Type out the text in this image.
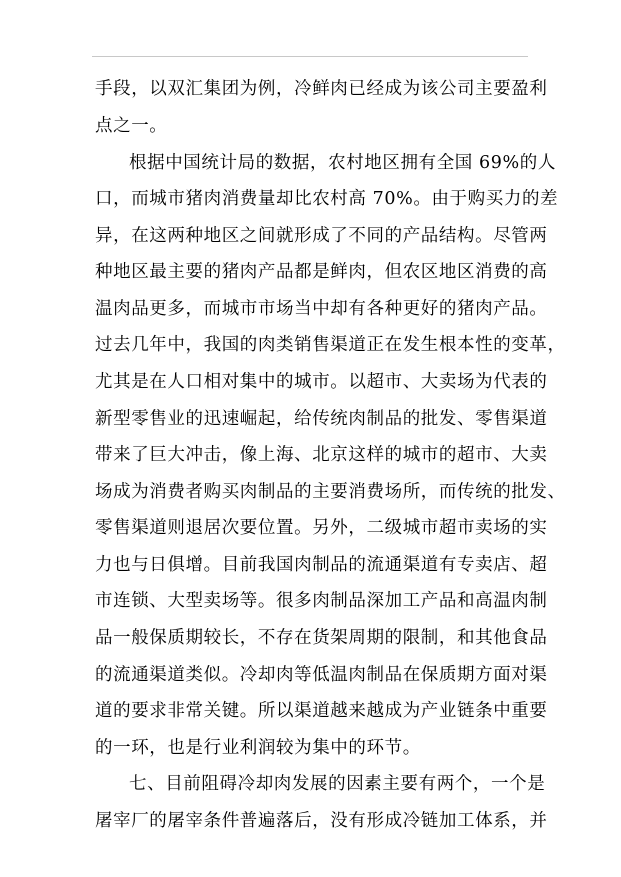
手段，以双汇集团为例，冷鲜肉已经成为该公司主要盈利
点之一。
根据中国统计局的数据，农村地区拥有全国 69%的人
口，而城市猪肉消费量却比农村高 70%。由于购买力的差
异，在这两种地区之间就形成了不同的产品结构。尽管两
种地区最主要的猪肉产品都是鲜肉，但农区地区消费的高
温肉品更多，而城市市场当中却有各种更好的猪肉产品。
过去几年中，我国的肉类销售渠道正在发生根本性的变革，
尤其是在人口相对集中的城市。以超市、大卖场为代表的
新型零售业的迅速崛起，给传统肉制品的批发、零售渠道
带来了巨大冲击，像上海、北京这样的城市的超市、大卖
场成为消费者购买肉制品的主要消费场所，而传统的批发、
零售渠道则退居次要位置。另外，二级城市超市卖场的实
力也与日俱增。目前我国肉制品的流通渠道有专卖店、超
市连锁、大型卖场等。很多肉制品深加工产品和高温肉制
品一般保质期较长，不存在货架周期的限制，和其他食品
的流通渠道类似。冷却肉等低温肉制品在保质期方面对渠
道的要求非常关键。所以渠道越来越成为产业链条中重要
的一环，也是行业利润较为集中的环节。
七、目前阻碍冷却肉发展的因素主要有两个，一个是
屠宰厂的屠宰条件普遍落后，没有形成冷链加工体系，并
